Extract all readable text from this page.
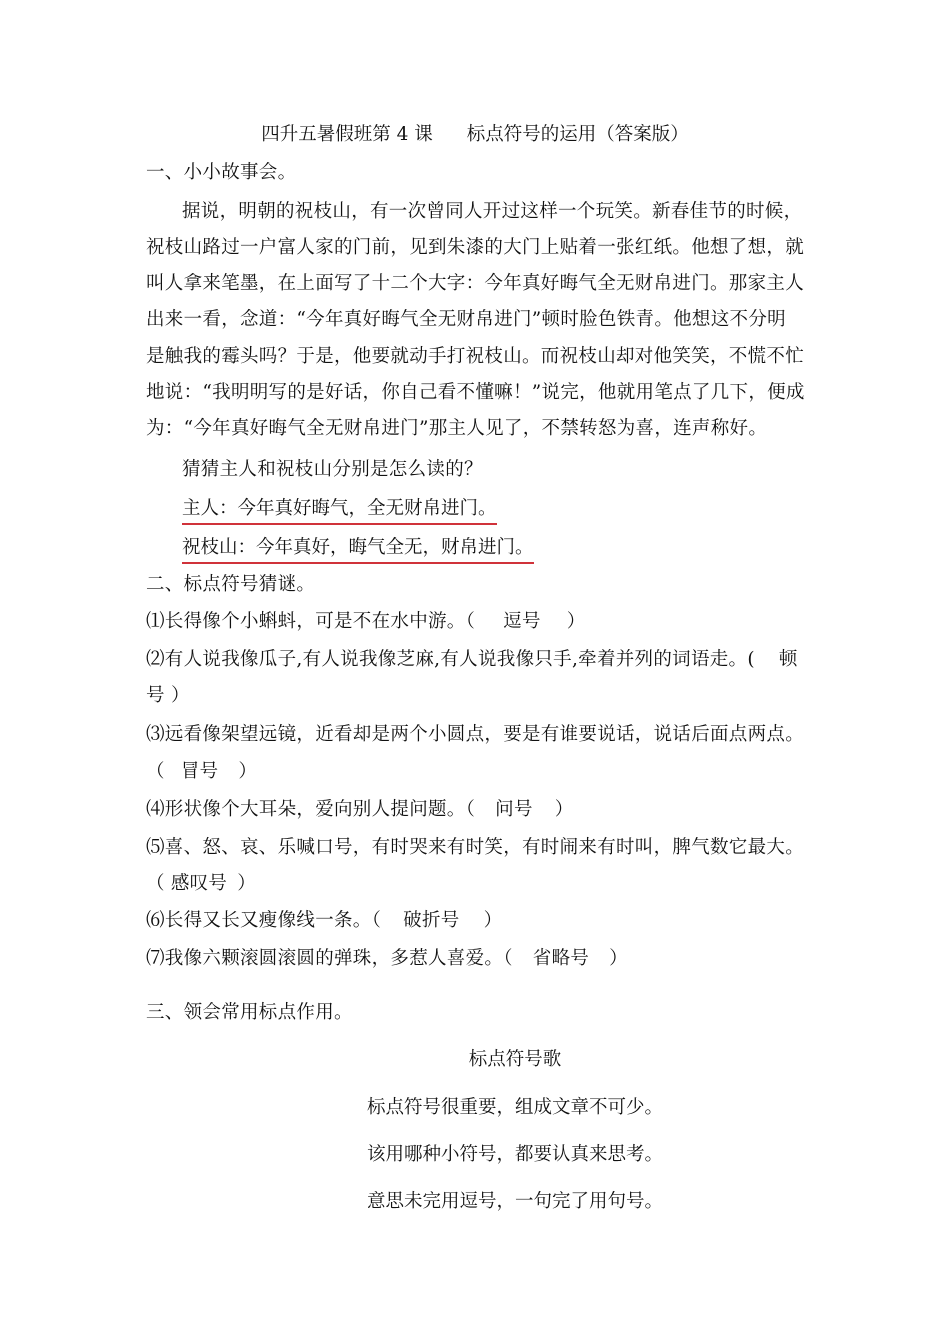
四升五暑假班第 4 课 标点符号的运用（答案版）
一、小小故事会。
据说，明朝的祝枝山，有一次曾同人开过这样一个玩笑。新春佳节的时候，
祝枝山路过一户富人家的门前，见到朱漆的大门上贴着一张红纸。他想了想，就
叫人拿来笔墨，在上面写了十二个大字：今年真好晦气全无财帛进门。那家主人
出来一看，念道：“今年真好晦气全无财帛进门”顿时脸色铁青。他想这不分明
是触我的霉头吗？于是，他要就动手打祝枝山。而祝枝山却对他笑笑，不慌不忙
地说：“我明明写的是好话，你自己看不懂嘛！”说完，他就用笔点了几下，便成
为：“今年真好晦气全无财帛进门”那主人见了，不禁转怒为喜，连声称好。
猜猜主人和祝枝山分别是怎么读的？
主人：今年真好晦气，全无财帛进门。
祝枝山：今年真好，晦气全无，财帛进门。
二、标点符号猜谜。
⑴长得像个小蝌蚪，可是不在水中游。（ 逗号 ）
⑵有人说我像瓜子,有人说我像芝麻,有人说我像只手,牵着并列的词语走。( 顿
号 ）
⑶远看像架望远镜，近看却是两个小圆点，要是有谁要说话，说话后面点两点。
（ 冒号 ）
⑷形状像个大耳朵，爱向别人提问题。（ 问号 ）
⑸喜、怒、哀、乐喊口号，有时哭来有时笑，有时闹来有时叫，脾气数它最大。
（ 感叹号 ）
⑹长得又长又瘦像线一条。（ 破折号 ）
⑺我像六颗滚圆滚圆的弹珠，多惹人喜爱。（ 省略号 ）
三、领会常用标点作用。
标点符号歌
标点符号很重要，组成文章不可少。
该用哪种小符号，都要认真来思考。
意思未完用逗号，一句完了用句号。
